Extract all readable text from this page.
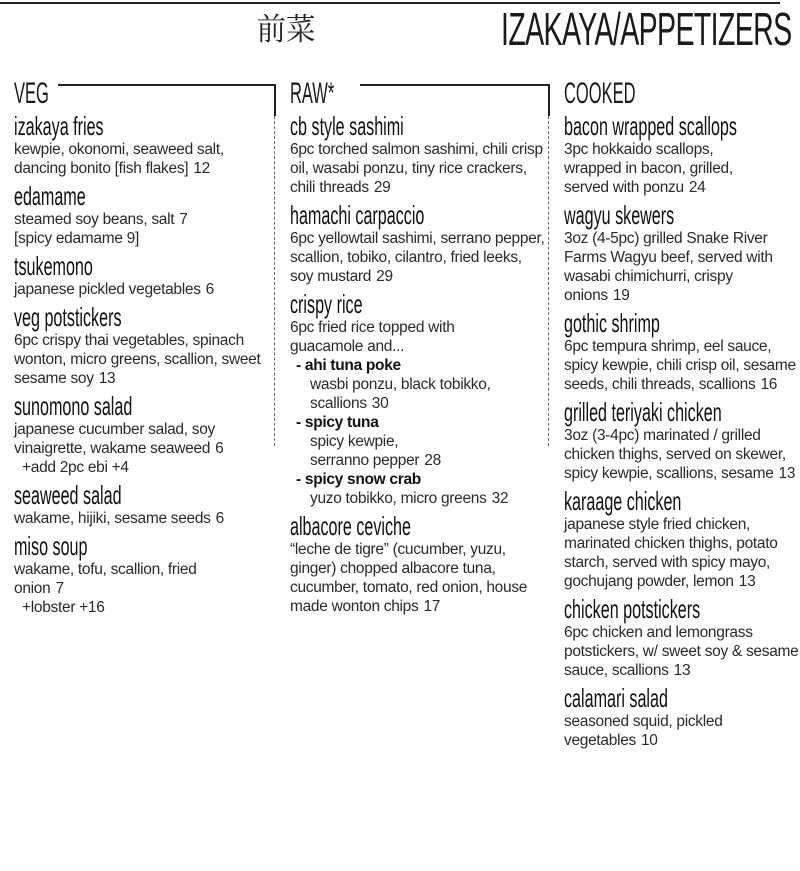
前菜	IZAKAYA/APPETIZERS
VEG
izakaya fries
kewpie, okonomi, seaweed salt, dancing bonito [fish flakes] 12
edamame
steamed soy beans, salt 7
[spicy edamame 9]
tsukemono
japanese pickled vegetables 6
veg potstickers
6pc crispy thai vegetables, spinach wonton, micro greens, scallion, sweet sesame soy 13
sunomono salad
japanese cucumber salad, soy vinaigrette, wakame seaweed 6
+add 2pc ebi +4
seaweed salad
wakame, hijiki, sesame seeds 6
miso soup
wakame, tofu, scallion, fried onion 7
+lobster +16
RAW*
cb style sashimi
6pc torched salmon sashimi, chili crisp oil, wasabi ponzu, tiny rice crackers, chili threads 29
hamachi carpaccio
6pc yellowtail sashimi, serrano pepper, scallion, tobiko, cilantro, fried leeks, soy mustard 29
crispy rice
6pc fried rice topped with guacamole and...
- ahi tuna poke
wasbi ponzu, black tobikko, scallions 30
- spicy tuna
spicy kewpie, serranno pepper 28
- spicy snow crab
yuzo tobikko, micro greens 32
albacore ceviche
“leche de tigre” (cucumber, yuzu, ginger) chopped albacore tuna, cucumber, tomato, red onion, house made wonton chips 17
COOKED
bacon wrapped scallops
3pc hokkaido scallops, wrapped in bacon, grilled, served with ponzu 24
wagyu skewers
3oz (4-5pc) grilled Snake River Farms Wagyu beef, served with wasabi chimichurri, crispy onions 19
gothic shrimp
6pc tempura shrimp, eel sauce, spicy kewpie, chili crisp oil, sesame seeds, chili threads, scallions 16
grilled teriyaki chicken
3oz (3-4pc) marinated / grilled chicken thighs, served on skewer, spicy kewpie, scallions, sesame 13
karaage chicken
japanese style fried chicken, marinated chicken thighs, potato starch, served with spicy mayo, gochujang powder, lemon 13
chicken potstickers
6pc chicken and lemongrass potstickers, w/ sweet soy & sesame sauce, scallions 13
calamari salad
seasoned squid, pickled vegetables 10
